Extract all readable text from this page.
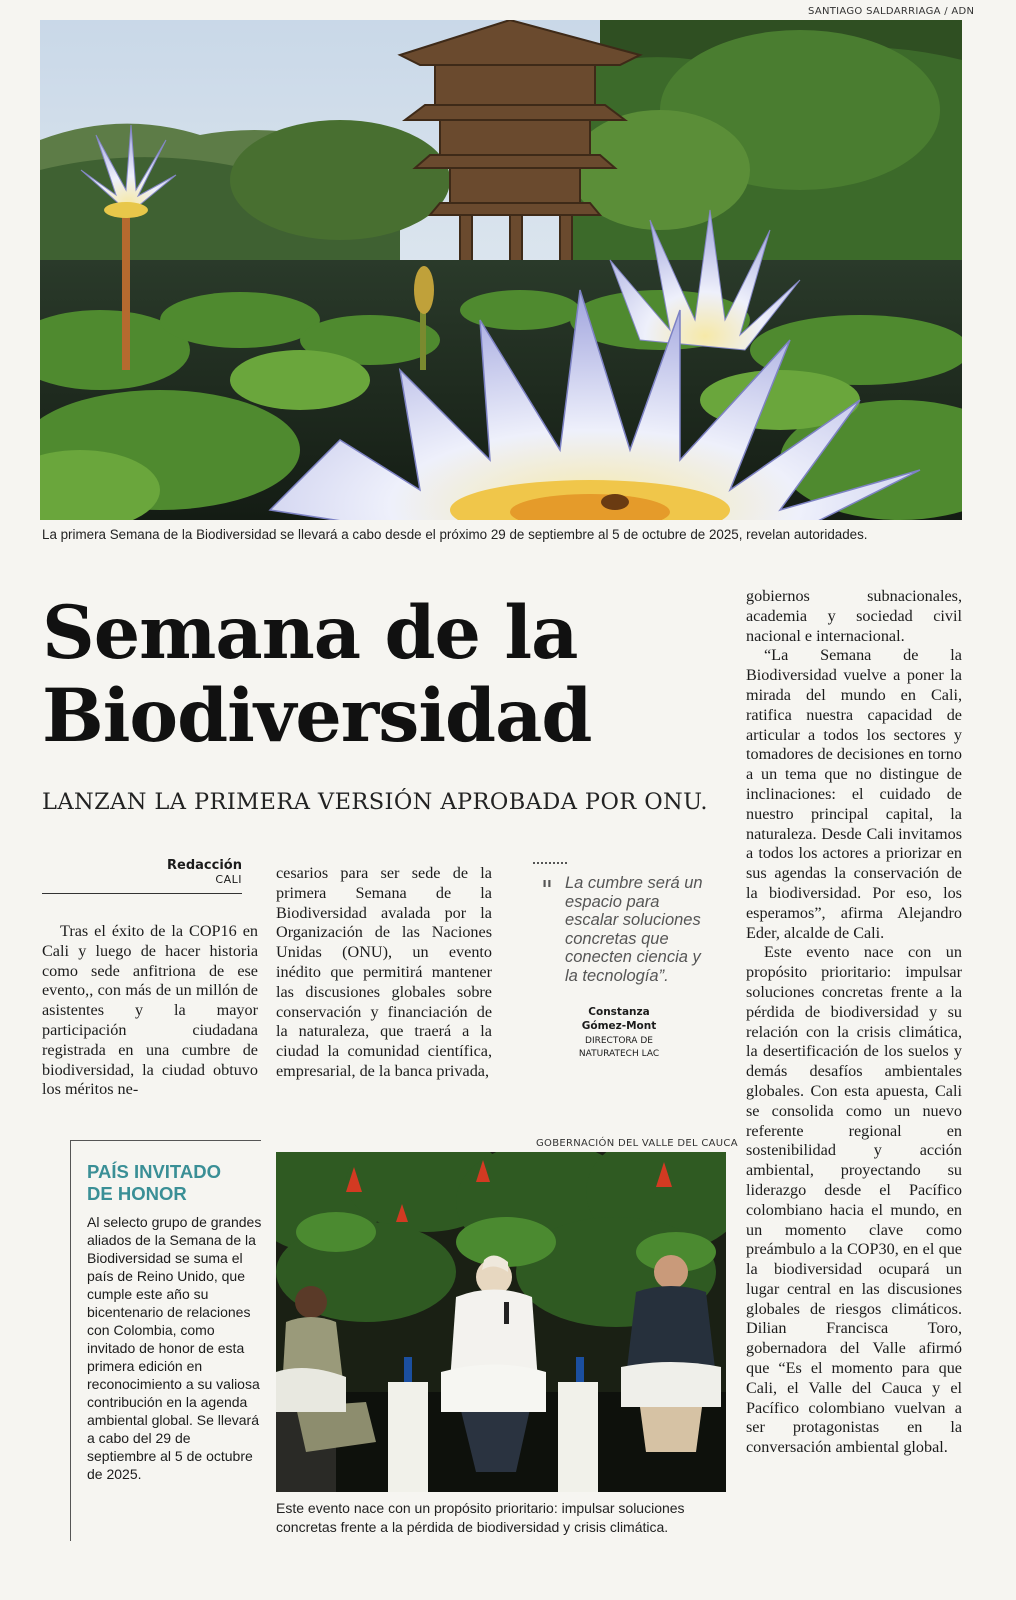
SANTIAGO SALDARRIAGA / ADN
La primera Semana de la Biodiversidad se llevará a cabo desde el próximo 29 de septiembre al 5 de octubre de 2025, revelan autoridades.
Semana de la
Biodiversidad
LANZAN LA PRIMERA VERSIÓN APROBADA POR ONU.
Redacción
CALI

Tras el éxito de la COP16 en Cali y luego de hacer historia como sede anfitriona de ese evento,, con más de un millón de asistentes y la mayor participación ciudadana registrada en una cumbre de biodiversidad, la ciudad obtuvo los méritos ne-

cesarios para ser sede de la primera Semana de la Biodiversidad avalada por la Organización de las Naciones Unidas (ONU), un evento inédito que permitirá mantener las discusiones globales sobre conservación y financiación de la naturaleza, que traerá a la ciudad la comunidad científica, empresarial, de la banca privada,

gobiernos subnacionales, academia y sociedad civil nacional e internacional.

“La Semana de la Biodiversidad vuelve a poner la mirada del mundo en Cali, ratifica nuestra capacidad de articular a todos los sectores y tomadores de decisiones en torno a un tema que no distingue de inclinaciones: el cuidado de nuestro principal capital, la naturaleza. Desde Cali invitamos a todos los actores a priorizar en sus agendas la conservación de la biodiversidad. Por eso, los esperamos”, afirma Alejandro Eder, alcalde de Cali.

Este evento nace con un propósito prioritario: impulsar soluciones concretas frente a la pérdida de biodiversidad y su relación con la crisis climática, la desertificación de los suelos y demás desafíos ambientales globales. Con esta apuesta, Cali se consolida como un nuevo referente regional en sostenibilidad y acción ambiental, proyectando su liderazgo desde el Pacífico colombiano hacia el mundo, en un momento clave como preámbulo a la COP30, en el que la biodiversidad ocupará un lugar central en las discusiones globales de riesgos climáticos. Dilian Francisca Toro, gobernadora del Valle afirmó que “Es el momento para que Cali, el Valle del Cauca y el Pacífico colombiano vuelvan a ser protagonistas en la conversación ambiental global.

" La cumbre será un espacio para escalar soluciones concretas que conecten ciencia y la tecnología”.
Constanza
Gómez-Mont
DIRECTORA DE
NATURATECH LAC
PAÍS INVITADO
DE HONOR
Al selecto grupo de grandes aliados de la Semana de la Biodiversidad se suma el país de Reino Unido, que cumple este año su bicentenario de relaciones con Colombia, como invitado de honor de esta primera edición en reconocimiento a su valiosa contribución en la agenda ambiental global. Se llevará a cabo del 29 de septiembre al 5 de octubre de 2025.
GOBERNACIÓN DEL VALLE DEL CAUCA
Este evento nace con un propósito prioritario: impulsar soluciones concretas frente a la pérdida de biodiversidad y crisis climática.
